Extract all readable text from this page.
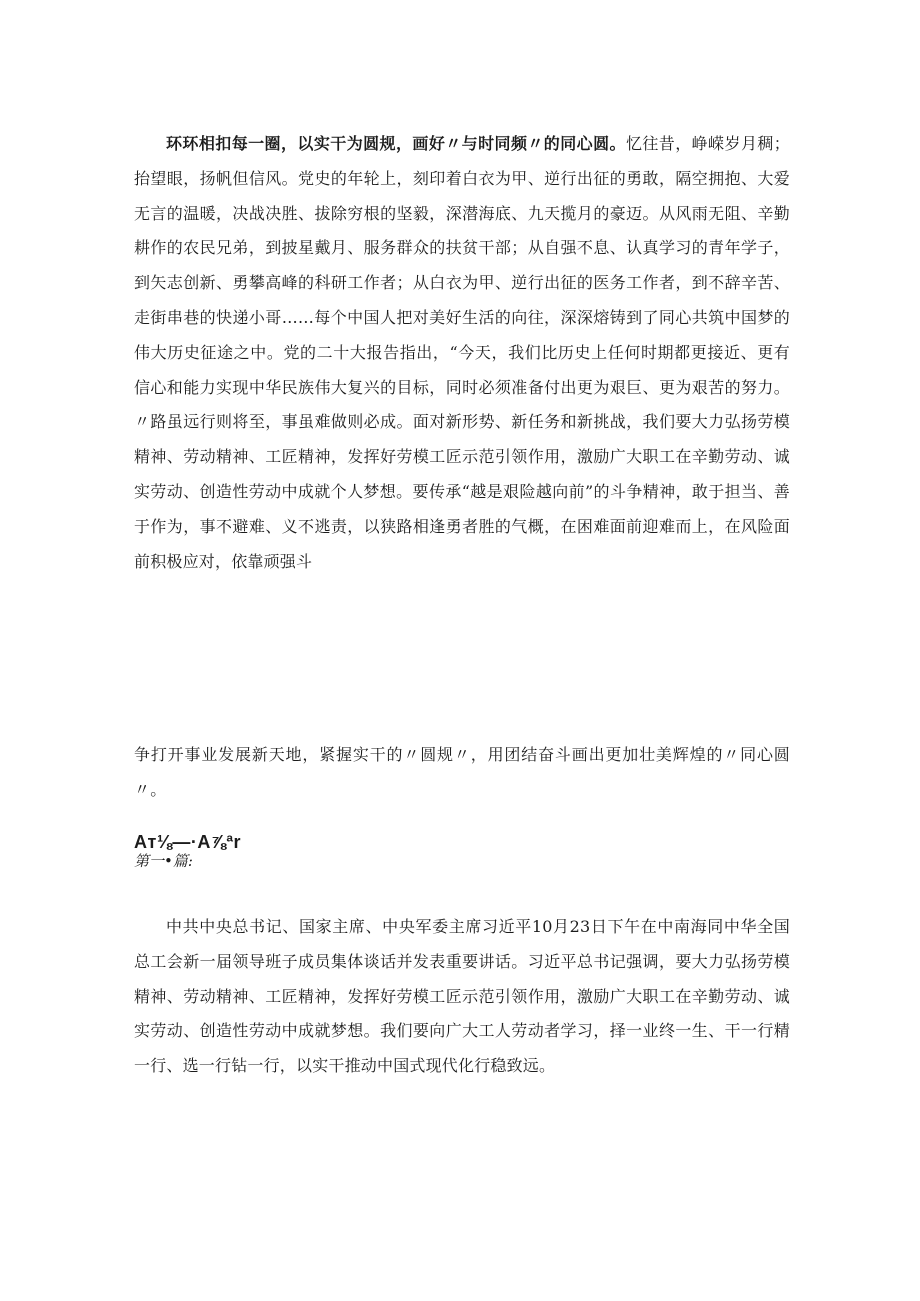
环环相扣每一圈，以实干为圆规，画好〃与时同频〃的同心圆。忆往昔，峥嵘岁月稠；抬望眼，扬帆但信风。党史的年轮上，刻印着白衣为甲、逆行出征的勇敢，隔空拥抱、大爱无言的温暖，决战决胜、拔除穷根的坚毅，深潜海底、九天揽月的豪迈。从风雨无阻、辛勤耕作的农民兄弟，到披星戴月、服务群众的扶贫干部；从自强不息、认真学习的青年学子，到矢志创新、勇攀高峰的科研工作者；从白衣为甲、逆行出征的医务工作者，到不辞辛苦、走街串巷的快递小哥……每个中国人把对美好生活的向往，深深熔铸到了同心共筑中国梦的伟大历史征途之中。党的二十大报告指出，“今天，我们比历史上任何时期都更接近、更有信心和能力实现中华民族伟大复兴的目标，同时必须准备付出更为艰巨、更为艰苦的努力。〃路虽远行则将至，事虽难做则必成。面对新形势、新任务和新挑战，我们要大力弘扬劳模精神、劳动精神、工匠精神，发挥好劳模工匠示范引领作用，激励广大职工在辛勤劳动、诚实劳动、创造性劳动中成就个人梦想。要传承“越是艰险越向前”的斗争精神，敢于担当、善于作为，事不避难、义不逃责，以狭路相逢勇者胜的气概，在困难面前迎难而上，在风险面前积极应对，依靠顽强斗

争打开事业发展新天地，紧握实干的〃圆规〃，用团结奋斗画出更加壮美辉煌的〃同心圆〃。

Aт⅛—·A⅞ªr
第一•篇:

中共中央总书记、国家主席、中央军委主席习近平10月23日下午在中南海同中华全国总工会新一届领导班子成员集体谈话并发表重要讲话。习近平总书记强调，要大力弘扬劳模精神、劳动精神、工匠精神，发挥好劳模工匠示范引领作用，激励广大职工在辛勤劳动、诚实劳动、创造性劳动中成就梦想。我们要向广大工人劳动者学习，择一业终一生、干一行精一行、选一行钻一行，以实干推动中国式现代化行稳致远。
